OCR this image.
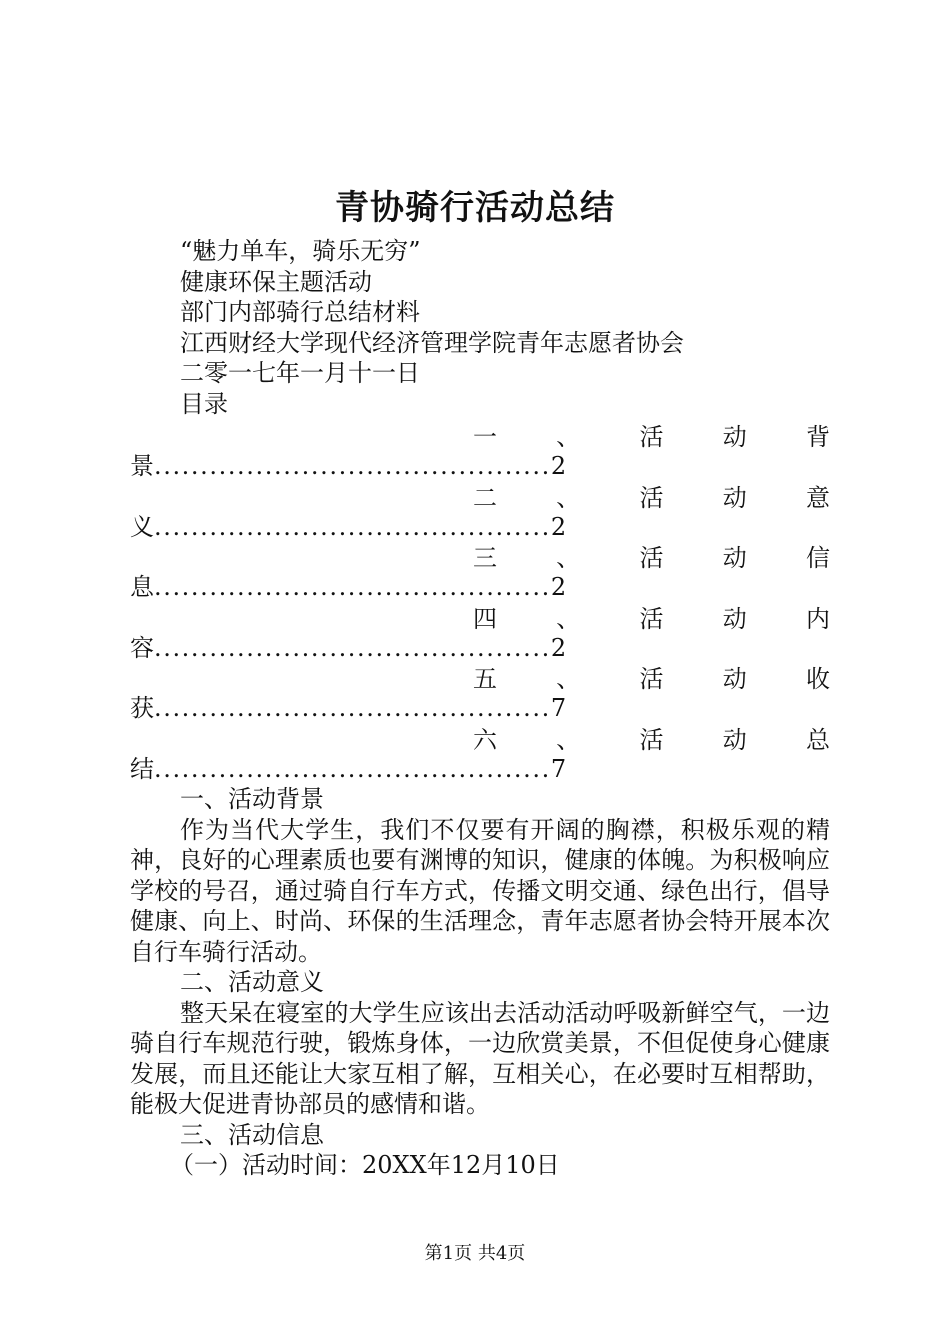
青协骑行活动总结
“魅力单车，骑乐无穷”
健康环保主题活动
部门内部骑行总结材料
江西财经大学现代经济管理学院青年志愿者协会
二零一七年一月十一日
目录
一 、 活 动 背
景...........................................2
二 、 活 动 意
义...........................................2
三 、 活 动 信
息...........................................2
四 、 活 动 内
容...........................................2
五 、 活 动 收
获...........................................7
六 、 活 动 总
结...........................................7
一、活动背景
作为当代大学生，我们不仅要有开阔的胸襟，积极乐观的精神，良好的心理素质也要有渊博的知识，健康的体魄。为积极响应学校的号召，通过骑自行车方式，传播文明交通、绿色出行，倡导健康、向上、时尚、环保的生活理念，青年志愿者协会特开展本次自行车骑行活动。
二、活动意义
整天呆在寝室的大学生应该出去活动活动呼吸新鲜空气，一边骑自行车规范行驶，锻炼身体，一边欣赏美景，不但促使身心健康发展，而且还能让大家互相了解，互相关心，在必要时互相帮助，能极大促进青协部员的感情和谐。
三、活动信息
（一）活动时间：20XX年12月10日
第1页 共4页
